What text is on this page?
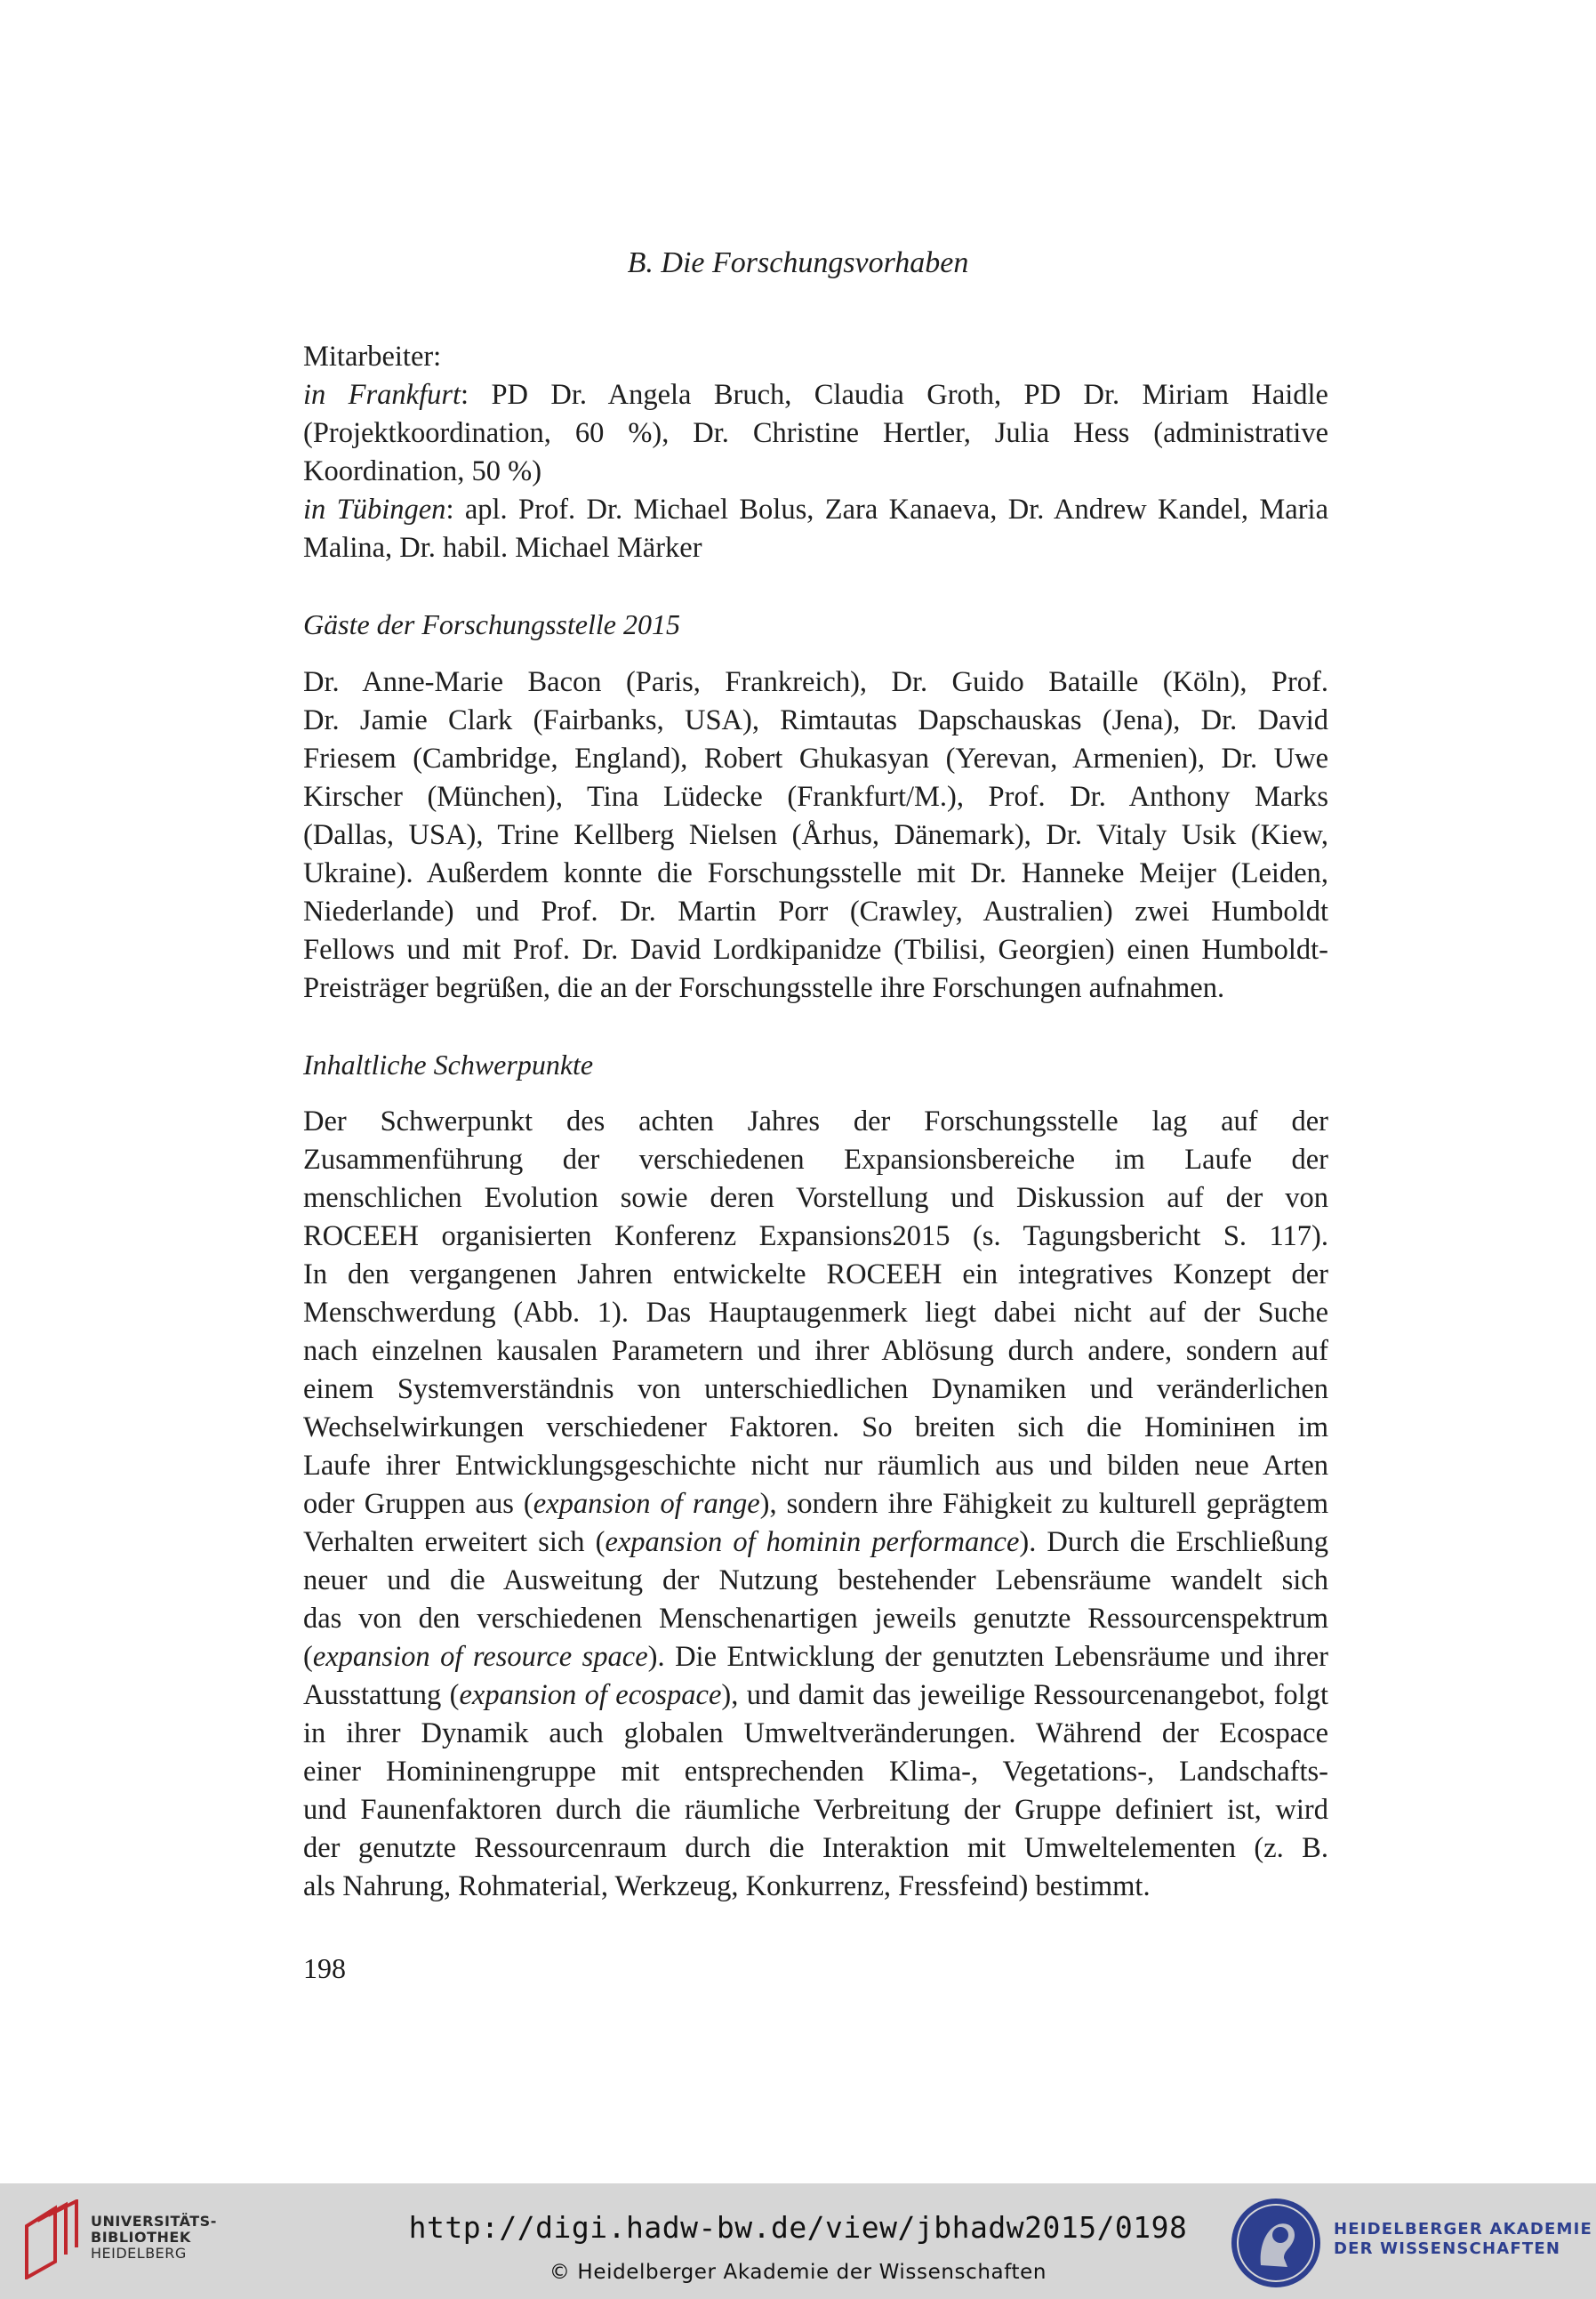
B. Die Forschungsvorhaben
Mitarbeiter:
in Frankfurt: PD Dr. Angela Bruch, Claudia Groth, PD Dr. Miriam Haidle
(Projektkoordination, 60 %), Dr. Christine Hertler, Julia Hess (administrative
Koordination, 50 %)
in Tübingen: apl. Prof. Dr. Michael Bolus, Zara Kanaeva, Dr. Andrew Kandel, Maria
Malina, Dr. habil. Michael Märker
Gäste der Forschungsstelle 2015
Dr. Anne-Marie Bacon (Paris, Frankreich), Dr. Guido Bataille (Köln), Prof.
Dr. Jamie Clark (Fairbanks, USA), Rimtautas Dapschauskas (Jena), Dr. David
Friesem (Cambridge, England), Robert Ghukasyan (Yerevan, Armenien), Dr. Uwe
Kirscher (München), Tina Lüdecke (Frankfurt/M.), Prof. Dr. Anthony Marks
(Dallas, USA), Trine Kellberg Nielsen (Århus, Dänemark), Dr. Vitaly Usik (Kiew,
Ukraine). Außerdem konnte die Forschungsstelle mit Dr. Hanneke Meijer (Leiden,
Niederlande) und Prof. Dr. Martin Porr (Crawley, Australien) zwei Humboldt
Fellows und mit Prof. Dr. David Lordkipanidze (Tbilisi, Georgien) einen Humboldt-
Preisträger begrüßen, die an der Forschungsstelle ihre Forschungen aufnahmen.
Inhaltliche Schwerpunkte
Der Schwerpunkt des achten Jahres der Forschungsstelle lag auf der
Zusammenführung der verschiedenen Expansionsbereiche im Laufe der
menschlichen Evolution sowie deren Vorstellung und Diskussion auf der von
ROCEEH organisierten Konferenz Expansions2015 (s. Tagungsbericht S. 117).
In den vergangenen Jahren entwickelte ROCEEH ein integratives Konzept der
Menschwerdung (Abb. 1). Das Hauptaugenmerk liegt dabei nicht auf der Suche
nach einzelnen kausalen Parametern und ihrer Ablösung durch andere, sondern auf
einem Systemverständnis von unterschiedlichen Dynamiken und veränderlichen
Wechselwirkungen verschiedener Faktoren. So breiten sich die Hominінen im
Laufe ihrer Entwicklungsgeschichte nicht nur räumlich aus und bilden neue Arten
oder Gruppen aus (expansion of range), sondern ihre Fähigkeit zu kulturell geprägtem
Verhalten erweitert sich (expansion of hominin performance). Durch die Erschließung
neuer und die Ausweitung der Nutzung bestehender Lebensräume wandelt sich
das von den verschiedenen Menschenartigen jeweils genutzte Ressourcenspektrum
(expansion of resource space). Die Entwicklung der genutzten Lebensräume und ihrer
Ausstattung (expansion of ecospace), und damit das jeweilige Ressourcenangebot, folgt
in ihrer Dynamik auch globalen Umweltveränderungen. Während der Ecospace
einer Homininengruppe mit entsprechenden Klima-, Vegetations-, Landschafts-
und Faunenfaktoren durch die räumliche Verbreitung der Gruppe definiert ist, wird
der genutzte Ressourcenraum durch die Interaktion mit Umweltelementen (z. B.
als Nahrung, Rohmaterial, Werkzeug, Konkurrenz, Fressfeind) bestimmt.
198
UNIVERSITÄTS-
BIBLIOTHEK
HEIDELBERG
http://digi.hadw-bw.de/view/jbhadw2015/0198
© Heidelberger Akademie der Wissenschaften
HEIDELBERGER AKADEMIE
DER WISSENSCHAFTEN
